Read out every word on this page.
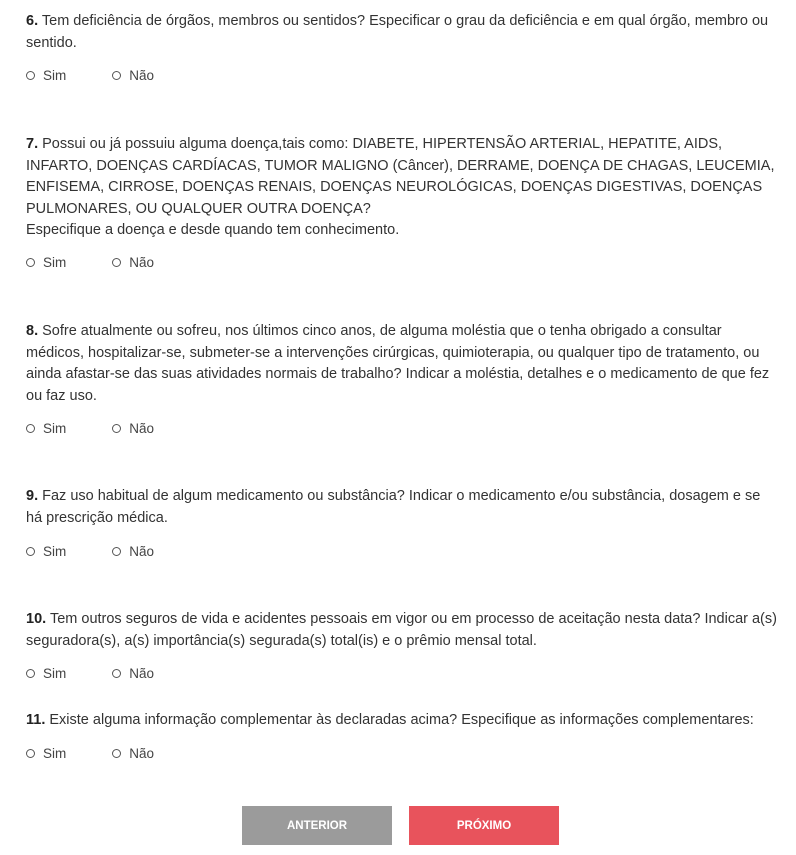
6. Tem deficiência de órgãos, membros ou sentidos? Especificar o grau da deficiência e em qual órgão, membro ou sentido.

Sim	Não

7. Possui ou já possuiu alguma doença,tais como: DIABETE, HIPERTENSÃO ARTERIAL, HEPATITE, AIDS, INFARTO, DOENÇAS CARDÍACAS, TUMOR MALIGNO (Câncer), DERRAME, DOENÇA DE CHAGAS, LEUCEMIA, ENFISEMA, CIRROSE, DOENÇAS RENAIS, DOENÇAS NEUROLÓGICAS, DOENÇAS DIGESTIVAS, DOENÇAS PULMONARES, OU QUALQUER OUTRA DOENÇA?
Especifique a doença e desde quando tem conhecimento.

Sim	Não

8. Sofre atualmente ou sofreu, nos últimos cinco anos, de alguma moléstia que o tenha obrigado a consultar médicos, hospitalizar-se, submeter-se a intervenções cirúrgicas, quimioterapia, ou qualquer tipo de tratamento, ou ainda afastar-se das suas atividades normais de trabalho? Indicar a moléstia, detalhes e o medicamento de que fez ou faz uso.

Sim	Não

9. Faz uso habitual de algum medicamento ou substância? Indicar o medicamento e/ou substância, dosagem e se há prescrição médica.

Sim	Não

10. Tem outros seguros de vida e acidentes pessoais em vigor ou em processo de aceitação nesta data? Indicar a(s) seguradora(s), a(s) importância(s) segurada(s) total(is) e o prêmio mensal total.

Sim	Não

11. Existe alguma informação complementar às declaradas acima? Especifique as informações complementares:

Sim	Não
ANTERIOR	PRÓXIMO
